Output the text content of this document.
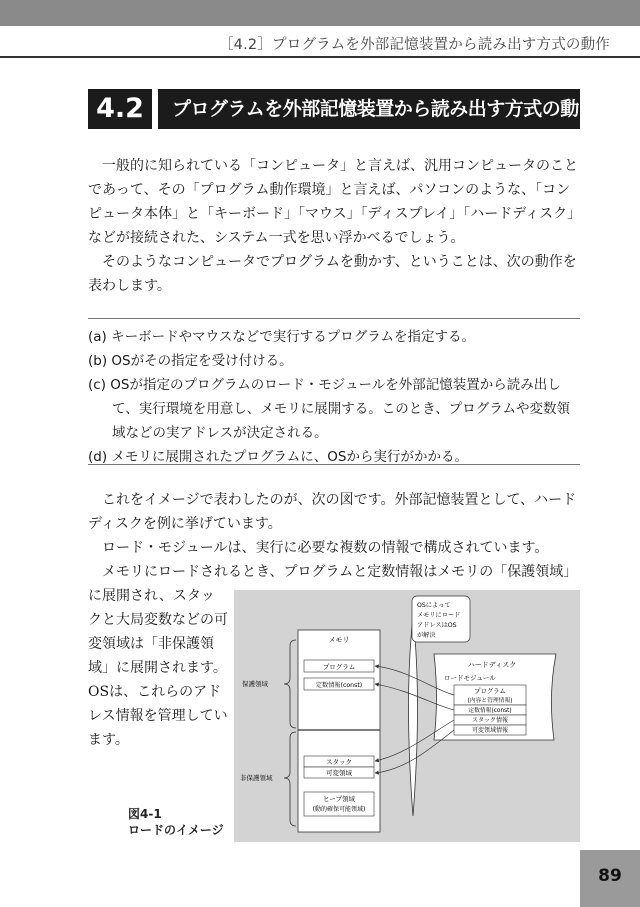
［4.2］プログラムを外部記憶装置から読み出す方式の動作
4.2	プログラムを外部記憶装置から読み出す方式の動作

一般的に知られている「コンピュータ」と言えば、汎用コンピュータのことであって、その「プログラム動作環境」と言えば、パソコンのような、「コンピュータ本体」と「キーボード」「マウス」「ディスプレイ」「ハードディスク」などが接続された、システム一式を思い浮かべるでしょう。

そのようなコンピュータでプログラムを動かす、ということは、次の動作を表わします。

(a) キーボードやマウスなどで実行するプログラムを指定する。
(b) OSがその指定を受け付ける。
(c) OSが指定のプログラムのロード・モジュールを外部記憶装置から読み出して、実行環境を用意し、メモリに展開する。このとき、プログラムや変数領域などの実アドレスが決定される。
(d) メモリに展開されたプログラムに、OSから実行がかかる。

これをイメージで表わしたのが、次の図です。外部記憶装置として、ハードディスクを例に挙げています。

ロード・モジュールは、実行に必要な複数の情報で構成されています。

メモリにロードされるとき、プログラムと定数情報はメモリの「保護領域」

に展開され、スタックと大局変数などの可変領域は「非保護領域」に展開されます。OSは、これらのアドレス情報を管理しています。

図4-1
ロードのイメージ
メモリ
プログラム
定数情報(const)
スタック
可変領域
ヒープ領域
(動的確保可能領域)
保護領域
非保護領域
OSによって
メモリにロード
アドレスはOS
が解決
ハードディスク
ロードモジュール
プログラム
(内容と管理情報)
定数情報(const)
スタック情報
可変領域情報
89
